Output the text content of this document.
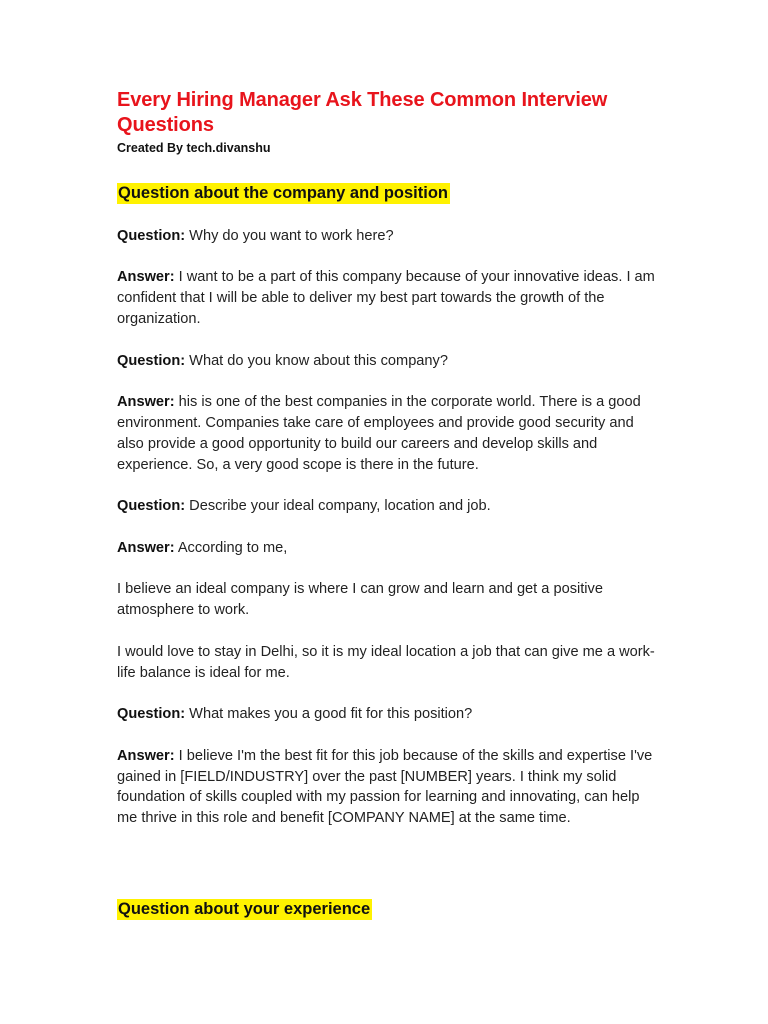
Every Hiring Manager Ask These Common Interview Questions

Created By tech.divanshu

Question about the company and position

Question: Why do you want to work here?

Answer: I want to be a part of this company because of your innovative ideas. I am confident that I will be able to deliver my best part towards the growth of the organization.

Question: What do you know about this company?

Answer: his is one of the best companies in the corporate world. There is a good environment. Companies take care of employees and provide good security and also provide a good opportunity to build our careers and develop skills and experience. So, a very good scope is there in the future.

Question: Describe your ideal company, location and job.

Answer: According to me,

I believe an ideal company is where I can grow and learn and get a positive atmosphere to work.

I would love to stay in Delhi, so it is my ideal location a job that can give me a work-life balance is ideal for me.

Question: What makes you a good fit for this position?

Answer: I believe I'm the best fit for this job because of the skills and expertise I've gained in [FIELD/INDUSTRY] over the past [NUMBER] years. I think my solid foundation of skills coupled with my passion for learning and innovating, can help me thrive in this role and benefit [COMPANY NAME] at the same time.

Question about your experience
